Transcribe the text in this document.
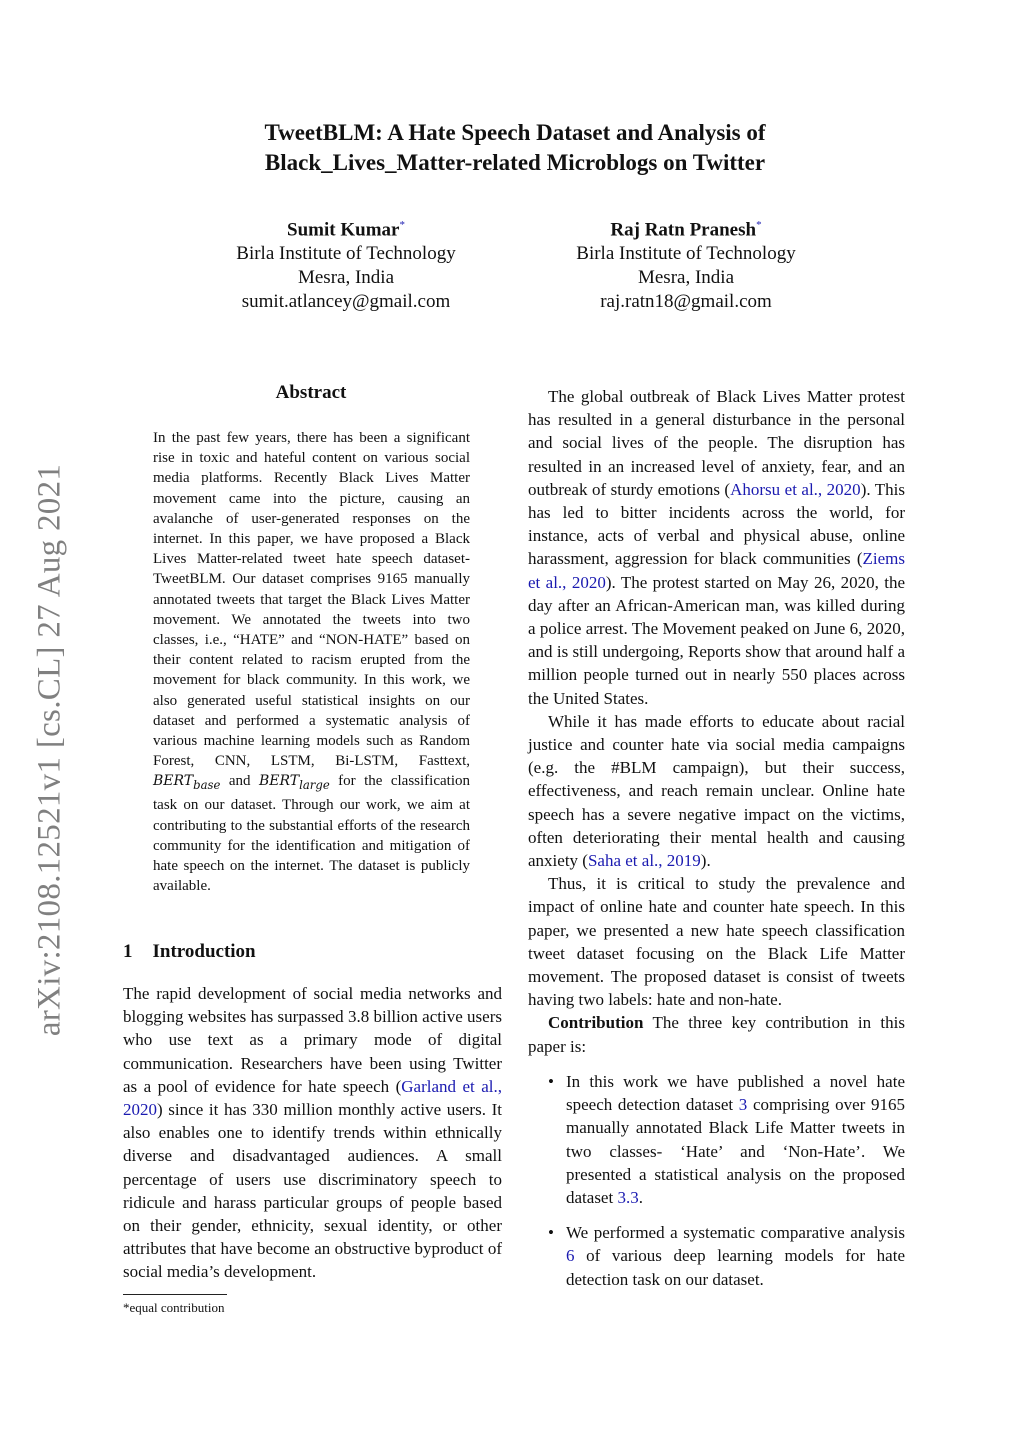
arXiv:2108.12521v1 [cs.CL] 27 Aug 2021
TweetBLM: A Hate Speech Dataset and Analysis of
Black_Lives_Matter-related Microblogs on Twitter
Sumit Kumar*
Birla Institute of Technology
Mesra, India
sumit.atlancey@gmail.com
Raj Ratn Pranesh*
Birla Institute of Technology
Mesra, India
raj.ratn18@gmail.com
Abstract
In the past few years, there has been a significant rise in toxic and hateful content on various social media platforms. Recently Black Lives Matter movement came into the picture, causing an avalanche of user-generated responses on the internet. In this paper, we have proposed a Black Lives Matter-related tweet hate speech dataset- TweetBLM. Our dataset comprises 9165 manually annotated tweets that target the Black Lives Matter movement. We annotated the tweets into two classes, i.e., “HATE” and “NON-HATE” based on their content related to racism erupted from the movement for black community. In this work, we also generated useful statistical insights on our dataset and performed a systematic analysis of various machine learning models such as Random Forest, CNN, LSTM, Bi-LSTM, Fasttext, $BERT_{base}$ and $BERT_{large}$ for the classification task on our dataset. Through our work, we aim at contributing to the substantial efforts of the research community for the identification and mitigation of hate speech on the internet. The dataset is publicly available.
1 Introduction
The rapid development of social media networks and blogging websites has surpassed 3.8 billion active users who use text as a primary mode of digital communication. Researchers have been using Twitter as a pool of evidence for hate speech (Garland et al., 2020) since it has 330 million monthly active users. It also enables one to identify trends within ethnically diverse and disadvantaged audiences. A small percentage of users use discriminatory speech to ridicule and harass particular groups of people based on their gender, ethnicity, sexual identity, or other attributes that have become an obstructive byproduct of social media’s development.

The global outbreak of Black Lives Matter protest has resulted in a general disturbance in the personal and social lives of the people. The disruption has resulted in an increased level of anxiety, fear, and an outbreak of sturdy emotions (Ahorsu et al., 2020). This has led to bitter incidents across the world, for instance, acts of verbal and physical abuse, online harassment, aggression for black communities (Ziems et al., 2020). The protest started on May 26, 2020, the day after an African-American man, was killed during a police arrest. The Movement peaked on June 6, 2020, and is still undergoing, Reports show that around half a million people turned out in nearly 550 places across the United States.

While it has made efforts to educate about racial justice and counter hate via social media campaigns (e.g. the #BLM campaign), but their success, effectiveness, and reach remain unclear. Online hate speech has a severe negative impact on the victims, often deteriorating their mental health and causing anxiety (Saha et al., 2019).

Thus, it is critical to study the prevalence and impact of online hate and counter hate speech. In this paper, we presented a new hate speech classification tweet dataset focusing on the Black Life Matter movement. The proposed dataset is consist of tweets having two labels: hate and non-hate.

Contribution The three key contribution in this paper is:

• In this work we have published a novel hate speech detection dataset 3 comprising over 9165 manually annotated Black Life Matter tweets in two classes- ‘Hate’ and ‘Non-Hate’. We presented a statistical analysis on the proposed dataset 3.3.
• We performed a systematic comparative analysis 6 of various deep learning models for hate detection task on our dataset.
*equal contribution
